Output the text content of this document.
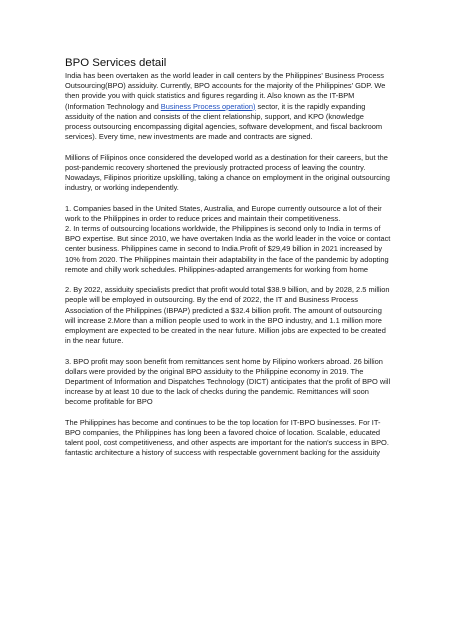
BPO Services detail

India has been overtaken as the world leader in call centers by the Philippines' Business Process Outsourcing(BPO) assiduity. Currently, BPO accounts for the majority of the Philippines' GDP. We then provide you with quick statistics and figures regarding it. Also known as the IT-BPM (Information Technology and Business Process operation) sector, it is the rapidly expanding assiduity of the nation and consists of the client relationship, support, and KPO (knowledge process outsourcing encompassing digital agencies, software development, and fiscal backroom services). Every time, new investments are made and contracts are signed.

Millions of Filipinos once considered the developed world as a destination for their careers, but the post-pandemic recovery shortened the previously protracted process of leaving the country. Nowadays, Filipinos prioritize upskilling, taking a chance on employment in the original outsourcing industry, or working independently.

1. Companies based in the United States, Australia, and Europe currently outsource a lot of their work to the Philippines in order to reduce prices and maintain their competitiveness.

2. In terms of outsourcing locations worldwide, the Philippines is second only to India in terms of BPO expertise. But since 2010, we have overtaken India as the world leader in the voice or contact center business. Philippines came in second to India.Profit of $29,49 billion in 2021 increased by 10% from 2020. The Philippines maintain their adaptability in the face of the pandemic by adopting remote and chilly work schedules. Philippines-adapted arrangements for working from home

2. By 2022, assiduity specialists predict that profit would total $38.9 billion, and by 2028, 2.5 million people will be employed in outsourcing. By the end of 2022, the IT and Business Process Association of the Philippines (IBPAP) predicted a $32.4 billion profit. The amount of outsourcing will increase 2.More than a million people used to work in the BPO industry, and 1.1 million more employment are expected to be created in the near future. Million jobs are expected to be created in the near future.

3. BPO profit may soon benefit from remittances sent home by Filipino workers abroad. 26 billion dollars were provided by the original BPO assiduity to the Philippine economy in 2019. The Department of Information and Dispatches Technology (DICT) anticipates that the profit of BPO will increase by at least 10 due to the lack of checks during the pandemic. Remittances will soon become profitable for BPO

The Philippines has become and continues to be the top location for IT-BPO businesses. For IT-BPO companies, the Philippines has long been a favored choice of location. Scalable, educated talent pool, cost competitiveness, and other aspects are important for the nation's success in BPO. fantastic architecture a history of success with respectable government backing for the assiduity
